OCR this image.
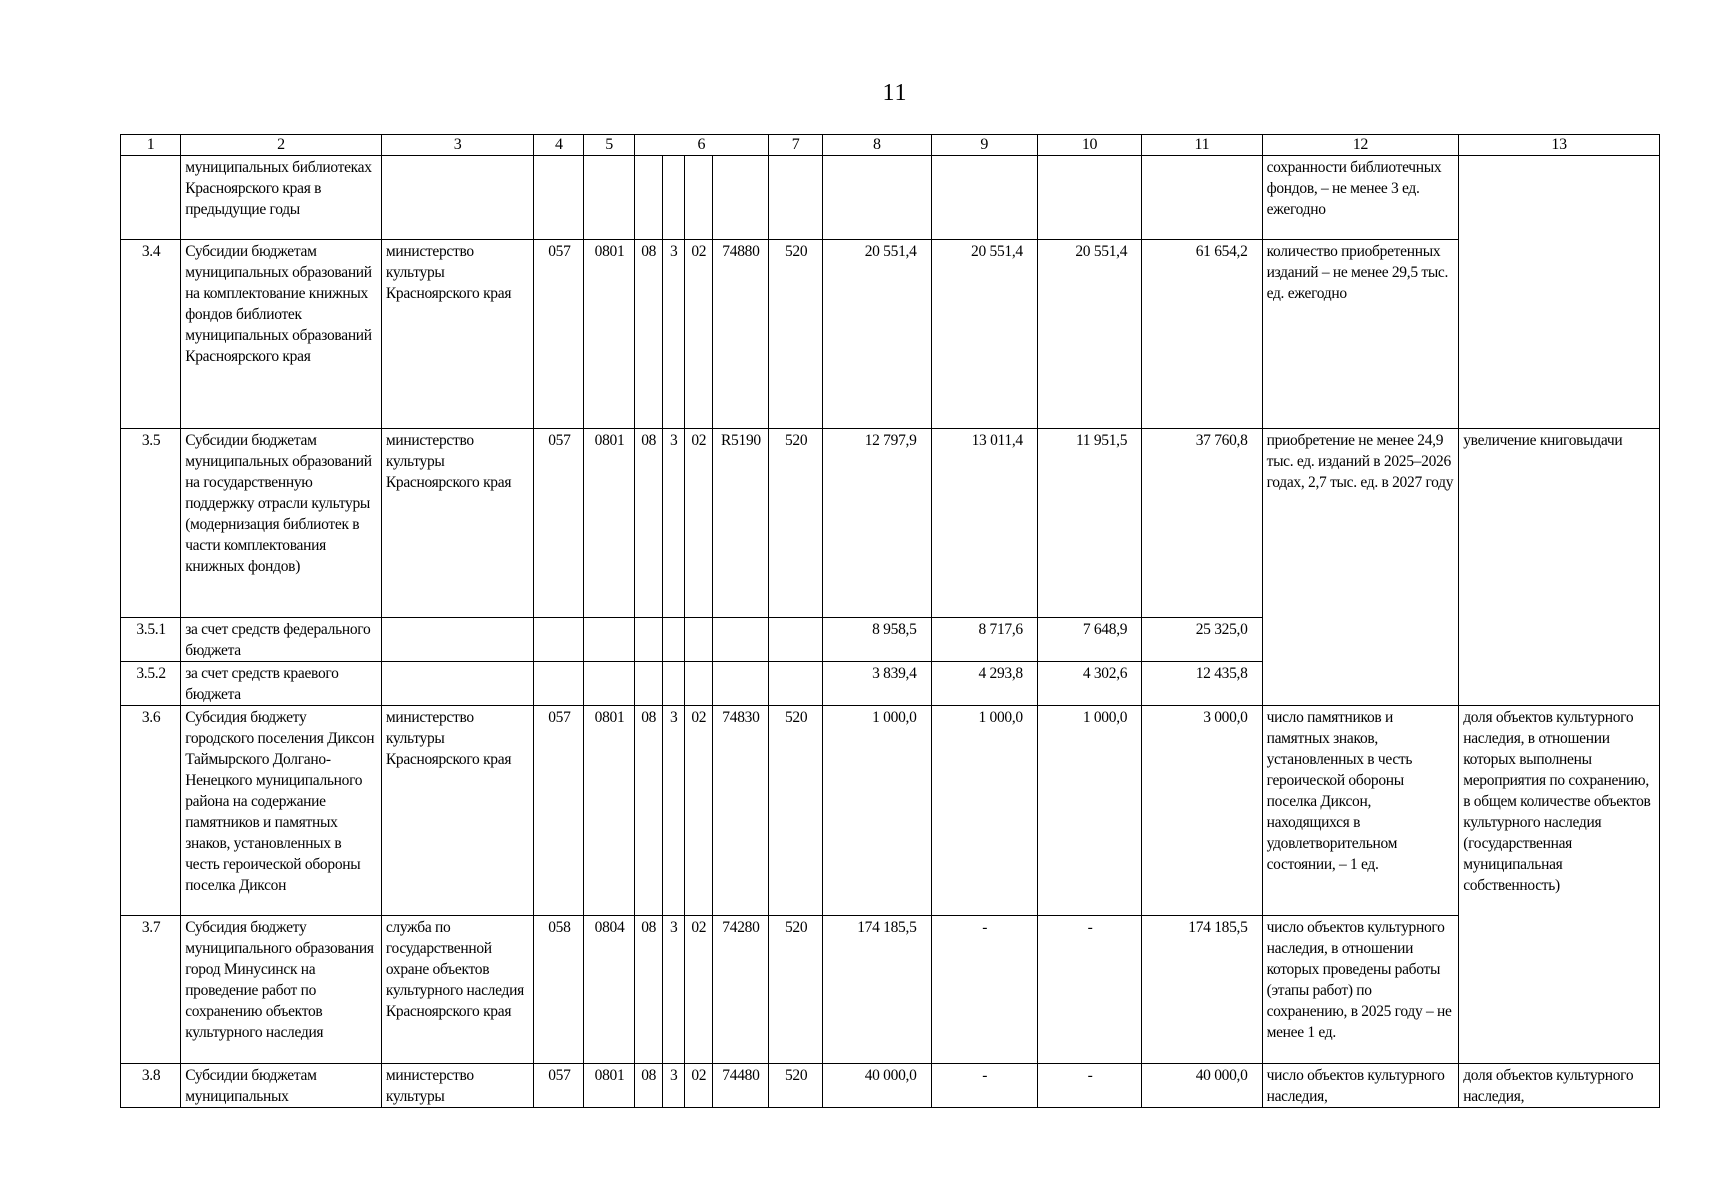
11
1	2	3	4	5	6				7	8	9	10	11	12	13
	муниципальных библиотеках Красноярского края в предыдущие годы													сохранности библиотечных фондов, – не менее 3 ед. ежегодно	
3.4	Субсидии бюджетам муниципальных образований на комплектование книжных фондов библиотек муниципальных образований Красноярского края	министерство культуры Красноярского края	057	0801	08	3	02	74880	520	20 551,4	20 551,4	20 551,4	61 654,2	количество приобретенных изданий – не менее 29,5 тыс. ед. ежегодно	
3.5	Субсидии бюджетам муниципальных образований на государственную поддержку отрасли культуры (модернизация библиотек в части комплектования книжных фондов)	министерство культуры Красноярского края	057	0801	08	3	02	R5190	520	12 797,9	13 011,4	11 951,5	37 760,8	приобретение не менее 24,9 тыс. ед. изданий в 2025–2026 годах, 2,7 тыс. ед. в 2027 году	увеличение книговыдачи
3.5.1	за счет средств федерального бюджета									8 958,5	8 717,6	7 648,9	25 325,0		
3.5.2	за счет средств краевого бюджета									3 839,4	4 293,8	4 302,6	12 435,8		
3.6	Субсидия бюджету городского поселения Диксон Таймырского Долгано-Ненецкого муниципального района на содержание памятников и памятных знаков, установленных в честь героической обороны поселка Диксон	министерство культуры Красноярского края	057	0801	08	3	02	74830	520	1 000,0	1 000,0	1 000,0	3 000,0	число памятников и памятных знаков, установленных в честь героической обороны поселка Диксон, находящихся в удовлетворительном состоянии, – 1 ед.	доля объектов культурного наследия, в отношении которых выполнены мероприятия по сохранению, в общем количестве объектов культурного наследия (государственная муниципальная собственность)
3.7	Субсидия бюджету муниципального образования город Минусинск на проведение работ по сохранению объектов культурного наследия	служба по государственной охране объектов культурного наследия Красноярского края	058	0804	08	3	02	74280	520	174 185,5	-	-	174 185,5	число объектов культурного наследия, в отношении которых проведены работы (этапы работ) по сохранению, в 2025 году – не менее 1 ед.	
3.8	Субсидии бюджетам муниципальных	министерство культуры	057	0801	08	3	02	74480	520	40 000,0	-	-	40 000,0	число объектов культурного наследия,	доля объектов культурного наследия,
